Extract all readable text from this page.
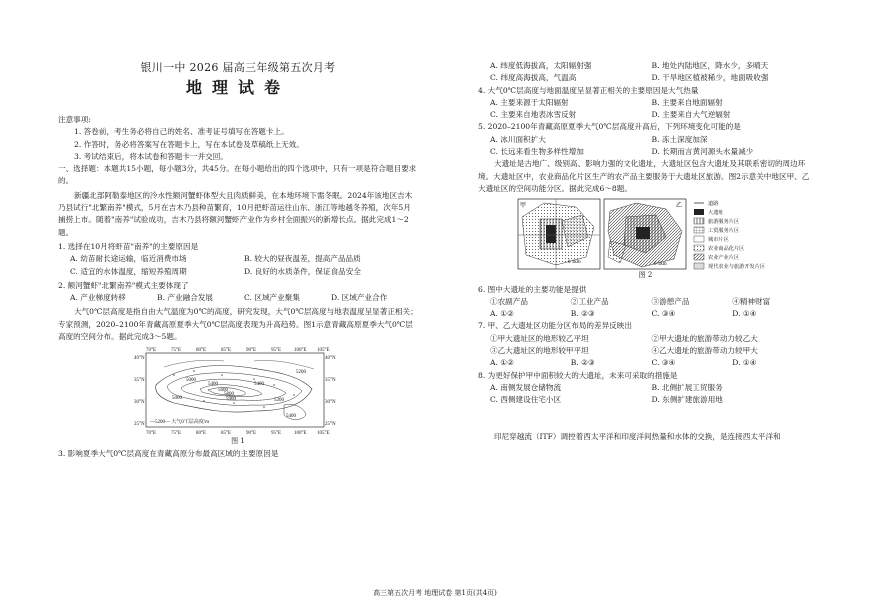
银川一中 2026 届高三年级第五次月考
地理试卷

注意事项:

1. 答卷前，考生务必将自己的姓名、准考证号填写在答题卡上。

2. 作答时，务必将答案写在答题卡上，写在本试卷及草稿纸上无效。

3. 考试结束后，将本试卷和答题卡一并交回。

一、选择题：本题共15小题，每小题3分，共45分。在每小题给出的四个选项中，只有一项是符合题目要求的。

新疆北部阿勒泰地区的冷水性额河蟹虾体型大且肉质鲜美，在本地环境下需冬眠。2024年该地区吉木乃县试行"北繁南养"模式，5月在吉木乃县种苗繁育，10月把虾苗运往山东、浙江等地越冬养殖，次年5月捕捞上市。随着"南养"试验成功，吉木乃县将额河蟹虾产业作为乡村全面振兴的新增长点。据此完成1～2题。

1. 选择在10月将虾苗"南养"的主要原因是

A. 幼苗耐长途运输，临近消费市场	B. 较大的昼夜温差，提高产品品质
C. 适宜的水体温度，缩短养殖周期	D. 良好的水质条件，保证食品安全

2. 额河蟹虾"北繁南养"模式主要体现了

A. 产业梯度转移	B. 产业融合发展	C. 区域产业聚集	D. 区域产业合作

大气0℃层高度是指自由大气温度为0℃的高度，研究发现，大气0℃层高度与地表温度呈显著正相关；专家预测，2020–2100年青藏高原夏季大气0℃层高度表现为升高趋势。图1示意青藏高原夏季大气0℃层高度的空间分布。据此完成3～5题。

70°E	75°E	80°E	85°E	90°E	95°E	100°E 105°E
70°E	75°E	80°E	85°E	90°E	95°E	100°E 105°E
40°N
35°N
30°N
25°N
40°N
35°N
30°N
25°N
5000
5400
5600
5800
5900
5000	5200
5400
5400
5200
—5200— 大气0℃层高度/m
图 1

3. 影响夏季大气0℃层高度在青藏高原分布最高区域的主要原因是

A. 纬度低海拔高，太阳辐射强	B. 地处内陆地区，降水少，多晴天
C. 纬度高海拔高，气温高	D. 干旱地区植被稀少，地面吸收强

4. 大气0℃层高度与地面温度呈显著正相关的主要原因是大气热量

A. 主要来源于太阳辐射	B. 主要来自地面辐射
C. 主要来自地表冰雪反射	D. 主要来自大气逆辐射

5. 2020–2100年青藏高原夏季大气0℃层高度升高后，下列环境变化可能的是

A. 冰川面积扩大	B. 冻土深度加深
C. 长远来看生物多样性增加	D. 长期而言黄河源头水量减少

大遗址是古地广、级别高、影响力强的文化遗址，大遗址区包含大遗址及其联系密切的周边环境。大遗址区中，农业商品化片区生产的农产品主要服务于大遗址区旅游。图2示意关中地区甲、乙大遗址区的空间功能分区。据此完成6～8题。

甲
0 1km
乙
0 1km
道路
大遗址
旅游服务片区
工贸服务片区
城市片区
农业商品化片区
农业产业片区
现代农业与旅游开发片区
图 2

6. 图中大遗址的主要功能是提供

①农副产品	②工业产品	③游憩产品	④精神财富
A. ①②	B. ②③	C. ③④	D. ①④

7. 甲、乙大遗址区功能分区布局的差异反映出

①甲大遗址区的地形较乙平坦	②甲大遗址的旅游带动力较乙大
③乙大遗址区的地形较甲平坦	④乙大遗址的旅游带动力较甲大
A. ①②	B. ②③	C. ③④	D. ①④

8. 为更好保护甲中面积较大的大遗址，未来可采取的措施是

A. 南侧发展仓储物流	B. 北侧扩展工贸服务
C. 西侧建设住宅小区	D. 东侧扩建旅游用地

印尼穿越流（ITF）调控着西太平洋和印度洋间热量和水体的交换，是连接西太平洋和

高三第五次月考 地理试卷 第1页(共4页)
